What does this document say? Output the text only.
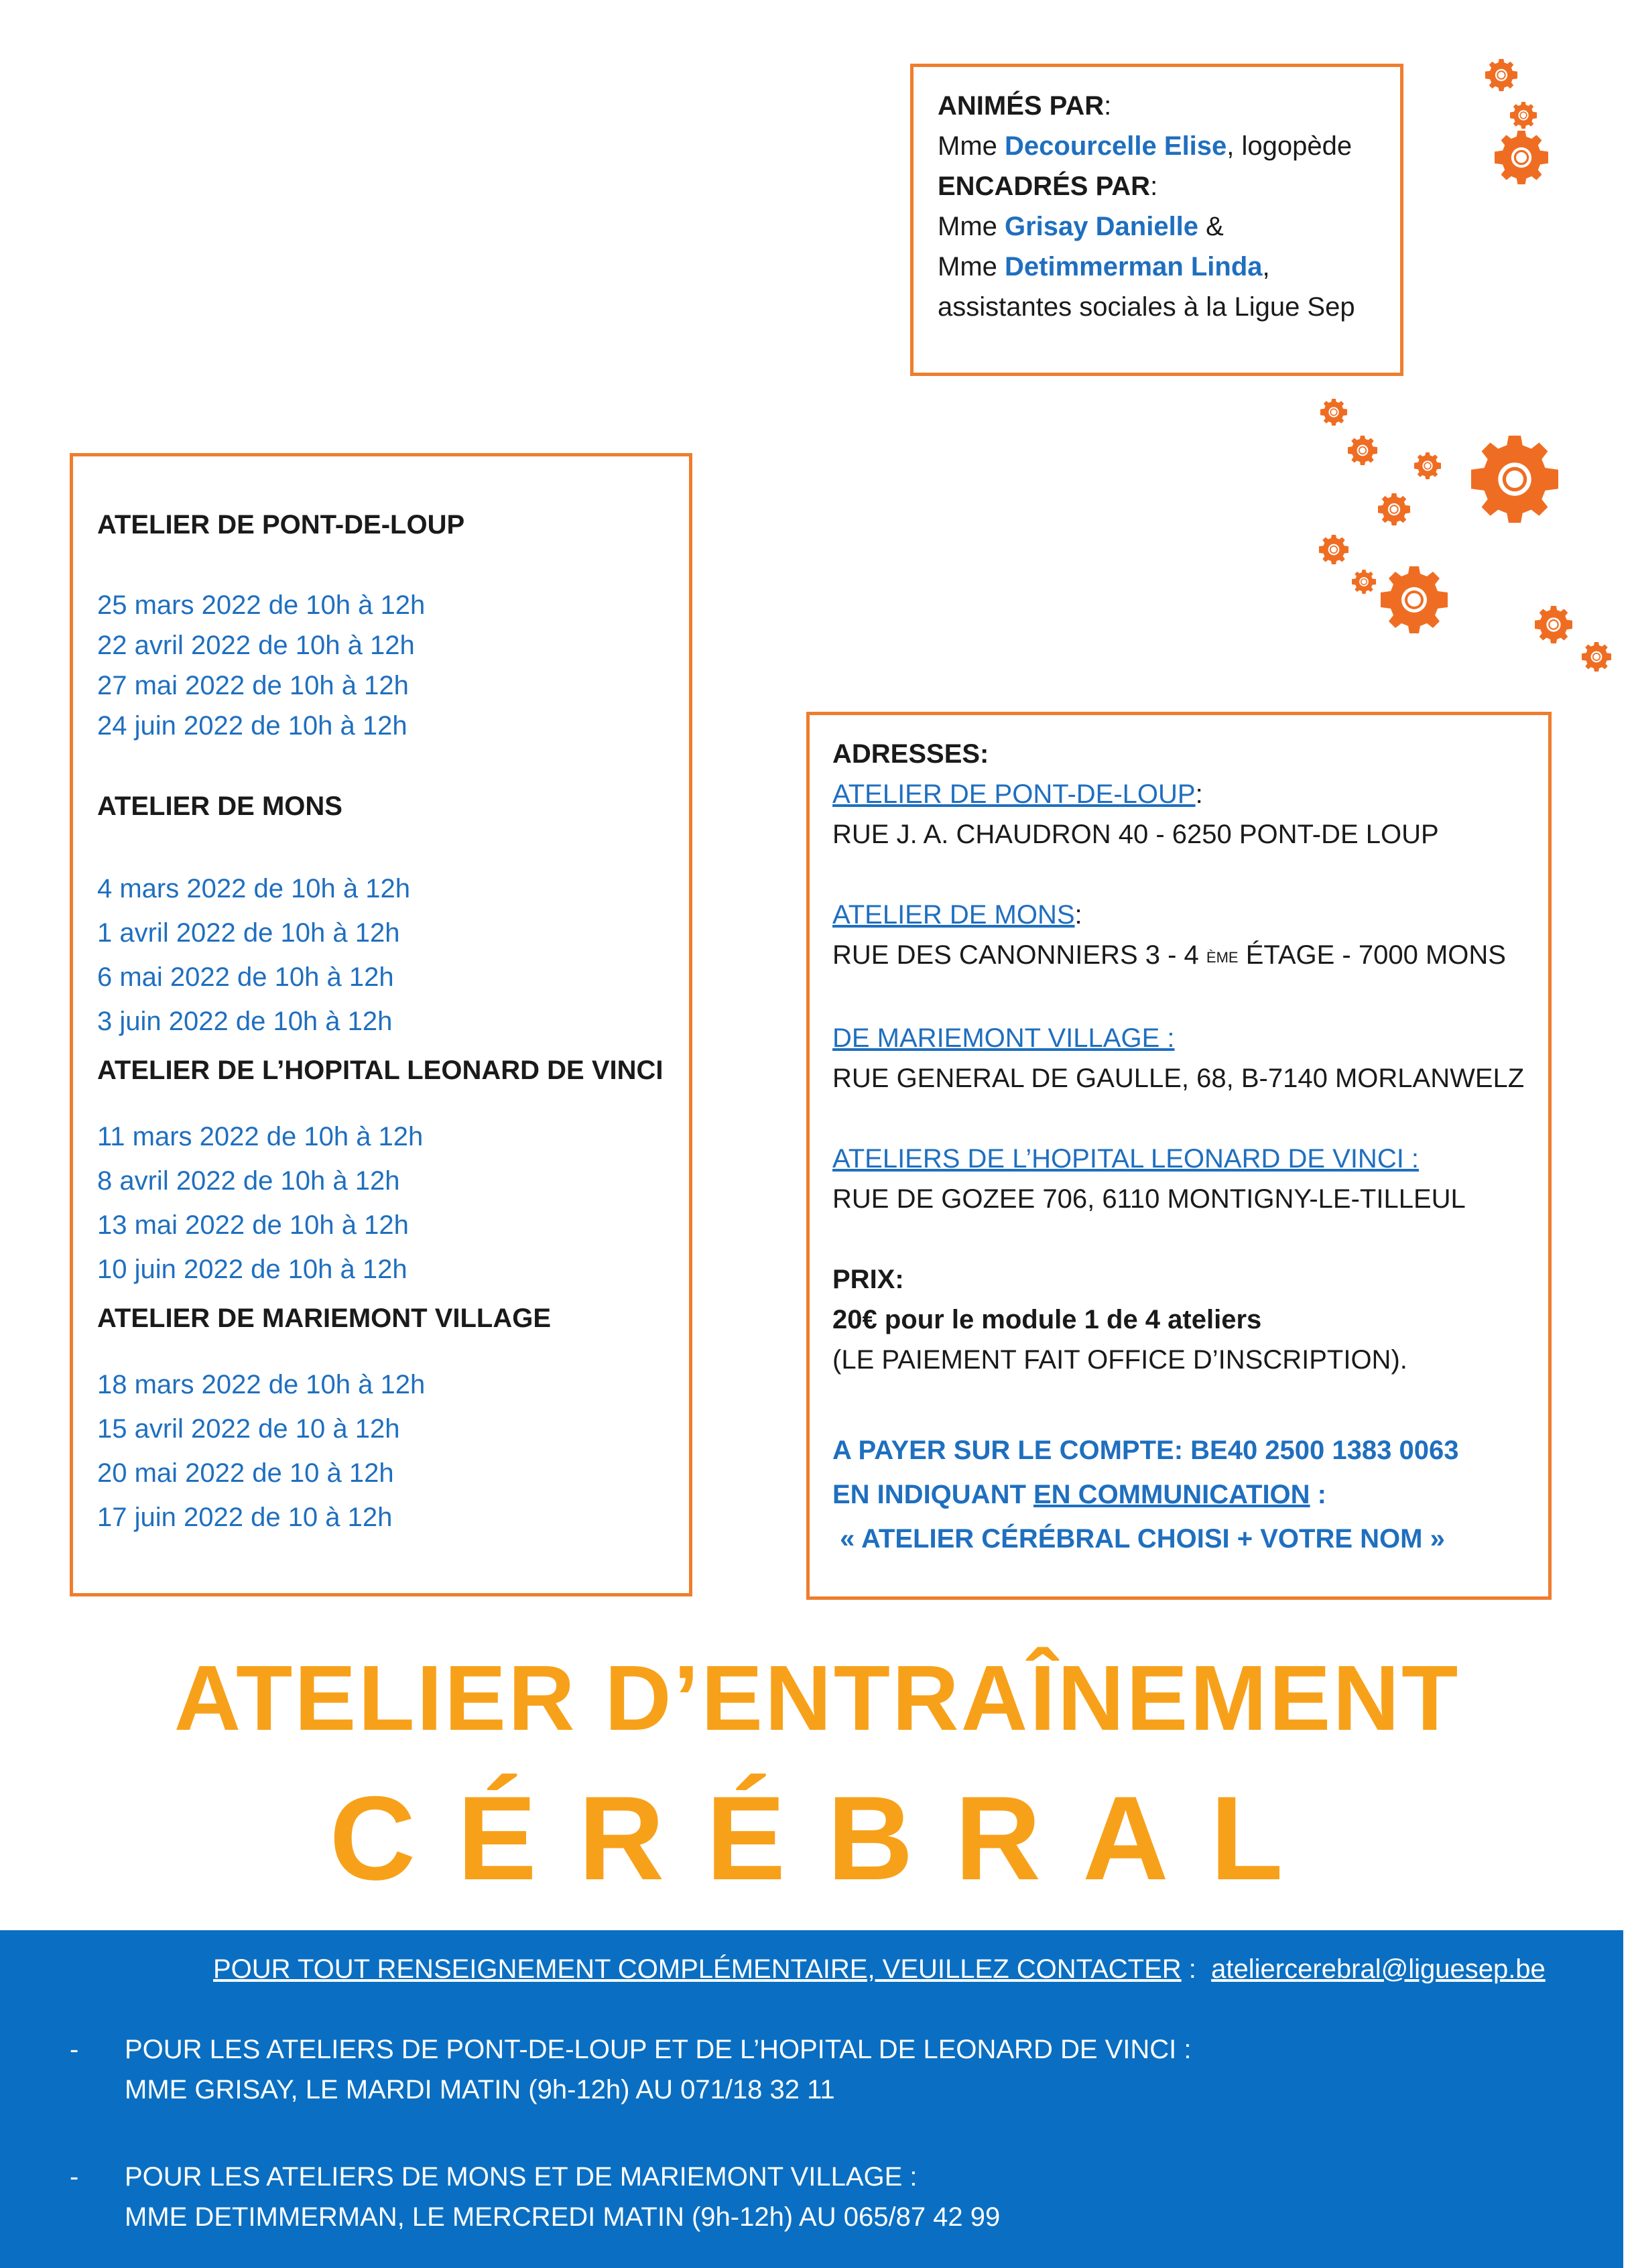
ANIMÉS PAR:
Mme Decourcelle Elise, logopède
ENCADRÉS PAR:
Mme Grisay Danielle &
Mme Detimmerman Linda,
assistantes sociales à la Ligue Sep
ATELIER DE PONT-DE-LOUP
25 mars 2022 de 10h à 12h
22 avril 2022 de 10h à 12h
27 mai 2022 de 10h à 12h
24 juin 2022 de 10h à 12h
ATELIER DE MONS
4 mars 2022 de 10h à 12h
1 avril 2022 de 10h à 12h
6 mai 2022 de 10h à 12h
3 juin 2022 de 10h à 12h
ATELIER DE L’HOPITAL LEONARD DE VINCI
11 mars 2022 de 10h à 12h
8 avril 2022 de 10h à 12h
13 mai 2022 de 10h à 12h
10 juin 2022 de 10h à 12h
ATELIER DE MARIEMONT VILLAGE
18 mars 2022 de 10h à 12h
15 avril 2022 de 10 à 12h
20 mai 2022 de 10 à 12h
17 juin 2022 de 10 à 12h
ADRESSES:
ATELIER DE PONT-DE-LOUP:
RUE J. A. CHAUDRON 40 - 6250 PONT-DE LOUP
ATELIER DE MONS:
RUE DES CANONNIERS 3 - 4 ÈME ÉTAGE - 7000 MONS
DE MARIEMONT VILLAGE :
RUE GENERAL DE GAULLE, 68, B-7140 MORLANWELZ
ATELIERS DE L’HOPITAL LEONARD DE VINCI :
RUE DE GOZEE 706, 6110 MONTIGNY-LE-TILLEUL
PRIX:
20€ pour le module 1 de 4 ateliers
(LE PAIEMENT FAIT OFFICE D’INSCRIPTION).
A PAYER SUR LE COMPTE: BE40 2500 1383 0063
EN INDIQUANT EN COMMUNICATION :
« ATELIER CÉRÉBRAL CHOISI + VOTRE NOM »
ATELIER D’ENTRAÎNEMENT
CÉRÉBRAL
POUR TOUT RENSEIGNEMENT COMPLÉMENTAIRE, VEUILLEZ CONTACTER :  ateliercerebral@liguesep.be
- POUR LES ATELIERS DE PONT-DE-LOUP ET DE L’HOPITAL DE LEONARD DE VINCI :
MME GRISAY, LE MARDI MATIN (9h-12h) AU 071/18 32 11
- POUR LES ATELIERS DE MONS ET DE MARIEMONT VILLAGE :
MME DETIMMERMAN, LE MERCREDI MATIN (9h-12h) AU 065/87 42 99
